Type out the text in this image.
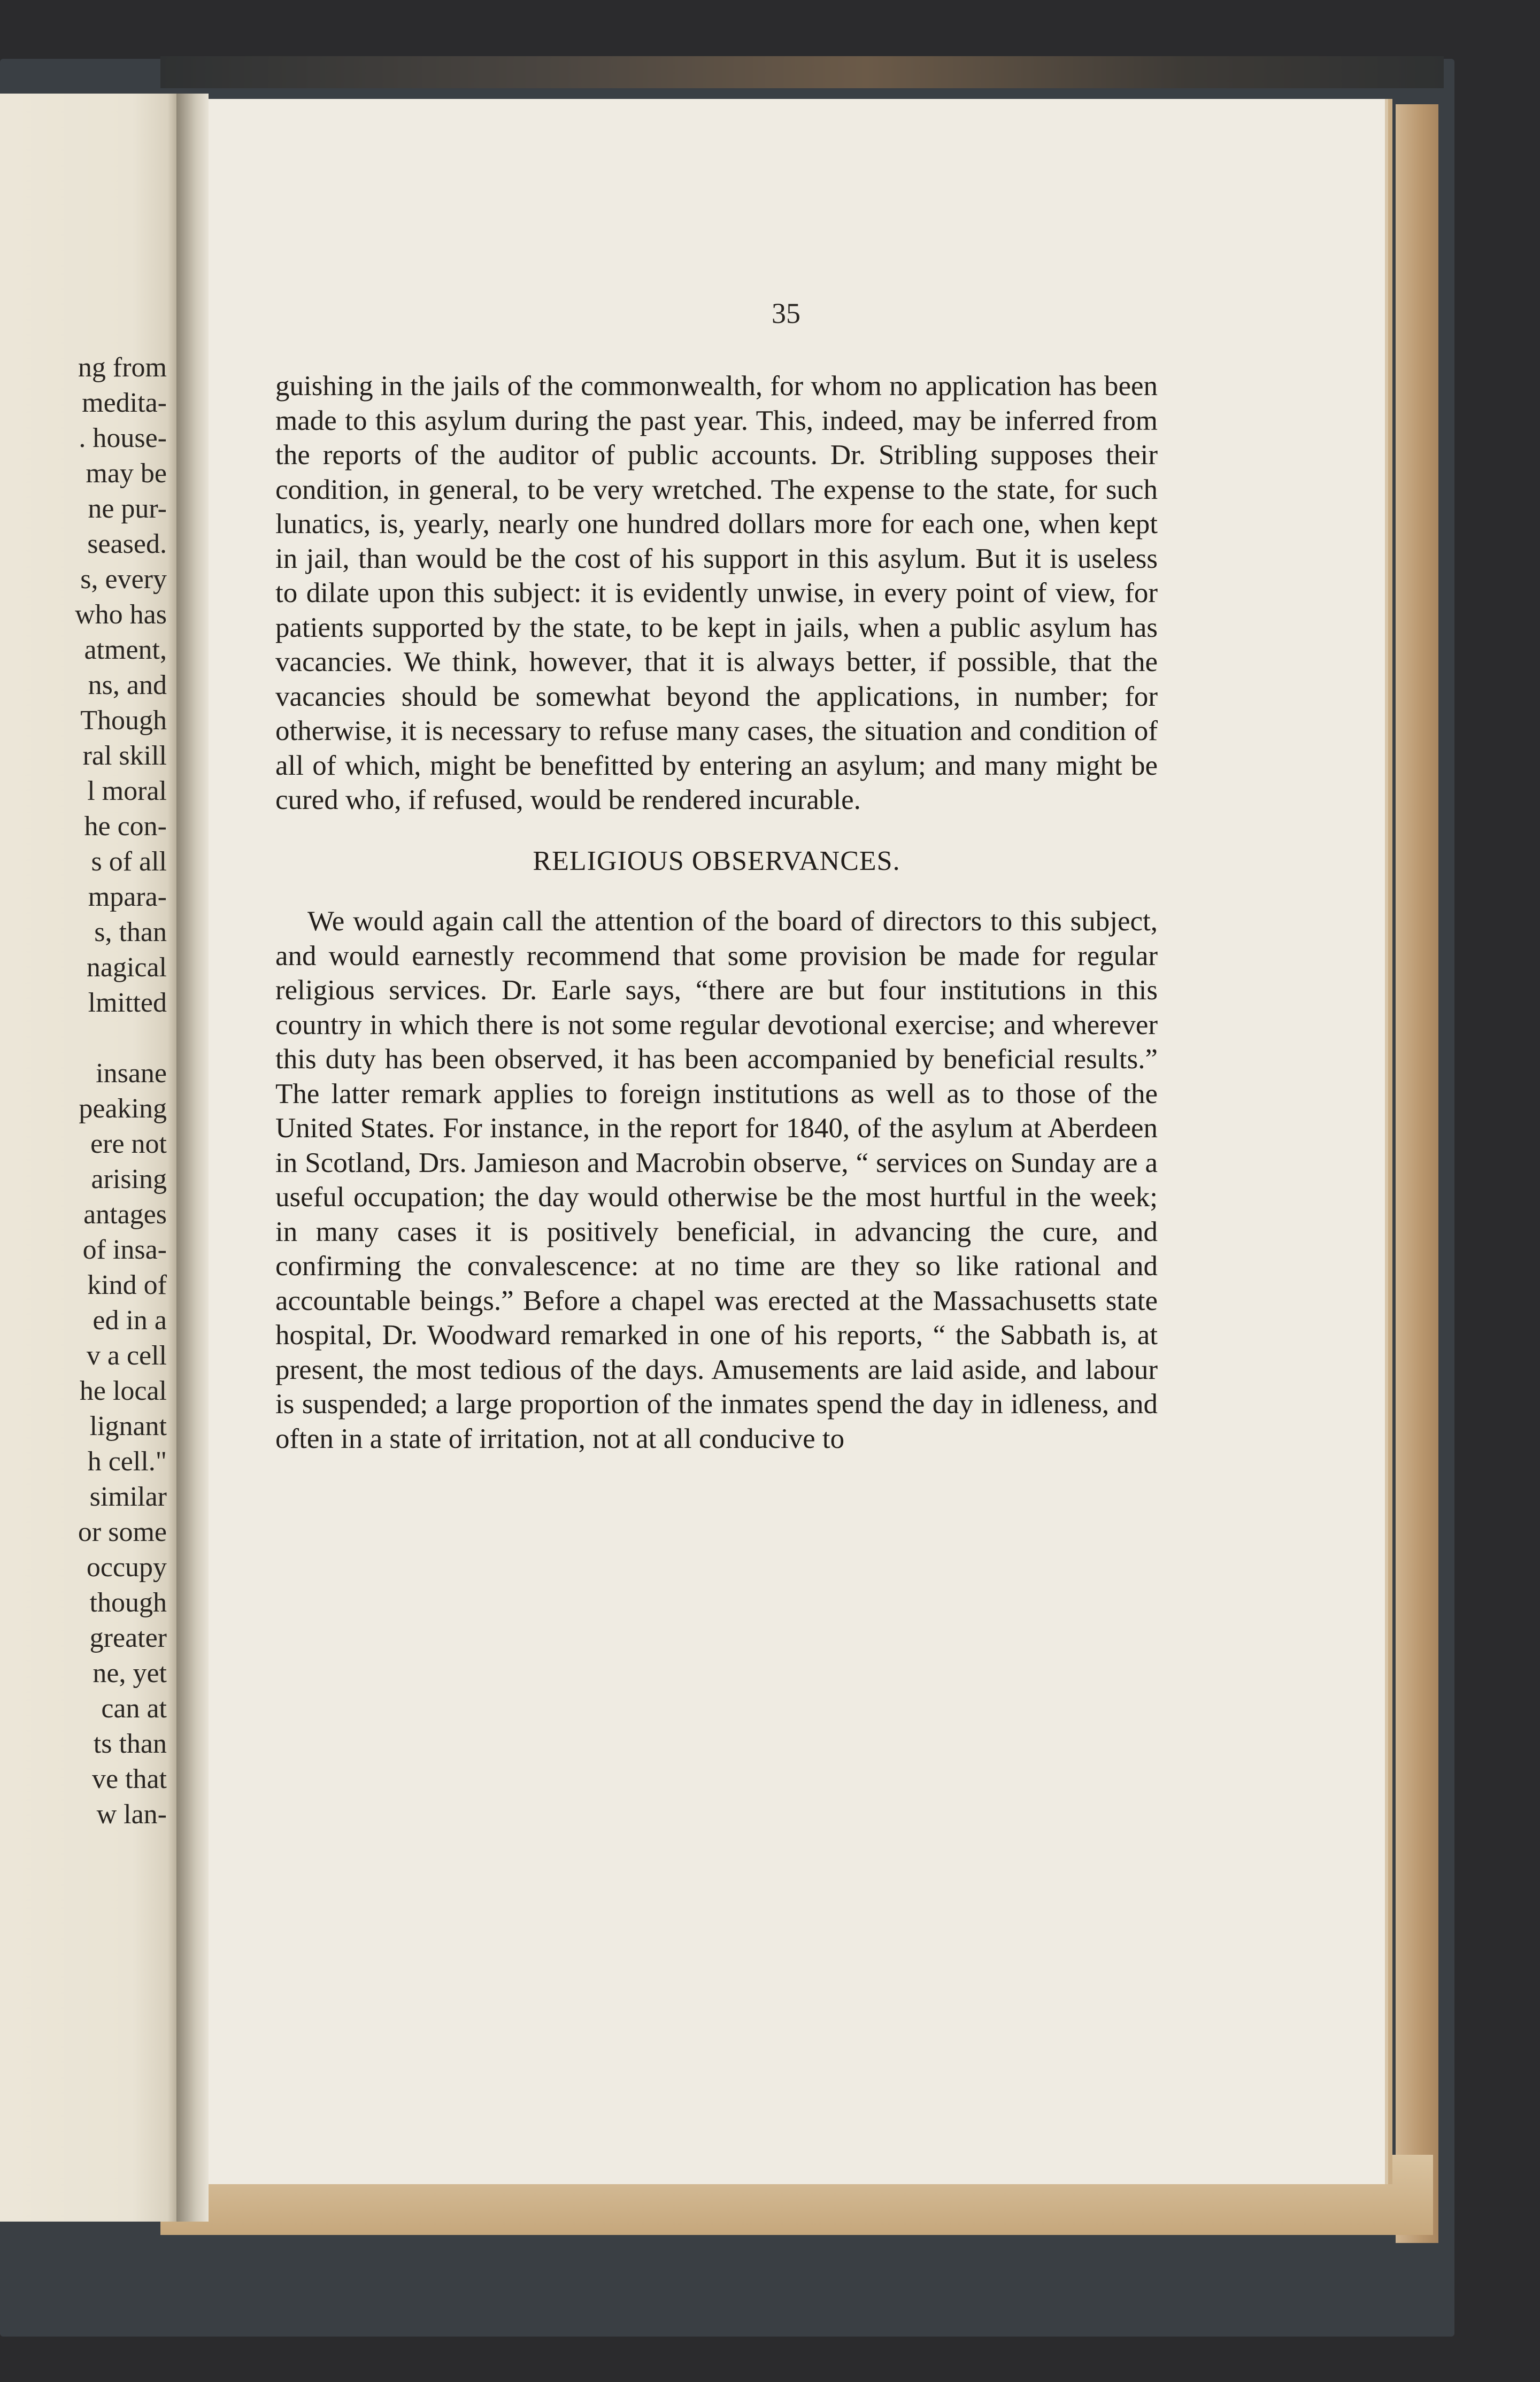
ng from
medita-
. house-
may be
ne pur-
seased.
s, every
who has
atment,
ns, and
Though
ral skill
l moral
he con-
s of all
mpara-
s, than
nagical
lmitted
insane
peaking
ere not
arising
antages
of insa-
kind of
ed in a
v a cell
he local
lignant
h cell."
similar
or some
occupy
though
greater
ne, yet
can at
ts than
ve that
w lan-
35

guishing in the jails of the commonwealth, for whom no application has been made to this asylum during the past year. This, indeed, may be inferred from the reports of the auditor of public accounts. Dr. Stribling supposes their condition, in general, to be very wretched. The expense to the state, for such lunatics, is, yearly, nearly one hundred dollars more for each one, when kept in jail, than would be the cost of his support in this asylum. But it is useless to dilate upon this subject: it is evidently unwise, in every point of view, for patients supported by the state, to be kept in jails, when a public asylum has vacancies. We think, however, that it is always better, if possible, that the vacancies should be somewhat beyond the applications, in number; for otherwise, it is necessary to refuse many cases, the situation and condition of all of which, might be benefitted by entering an asylum; and many might be cured who, if refused, would be rendered incurable.

RELIGIOUS OBSERVANCES.

We would again call the attention of the board of directors to this subject, and would earnestly recommend that some provision be made for regular religious services. Dr. Earle says, “there are but four institutions in this country in which there is not some regular devotional exercise; and wherever this duty has been observed, it has been accompanied by beneficial results.” The latter remark applies to foreign institutions as well as to those of the United States. For instance, in the report for 1840, of the asylum at Aberdeen in Scotland, Drs. Jamieson and Macrobin observe, “ services on Sunday are a useful occupation; the day would otherwise be the most hurtful in the week; in many cases it is positively beneficial, in advancing the cure, and confirming the convalescence: at no time are they so like rational and accountable beings.” Before a chapel was erected at the Massachusetts state hospital, Dr. Woodward remarked in one of his reports, “ the Sabbath is, at present, the most tedious of the days. Amusements are laid aside, and labour is suspended; a large proportion of the inmates spend the day in idleness, and often in a state of irritation, not at all conducive to
